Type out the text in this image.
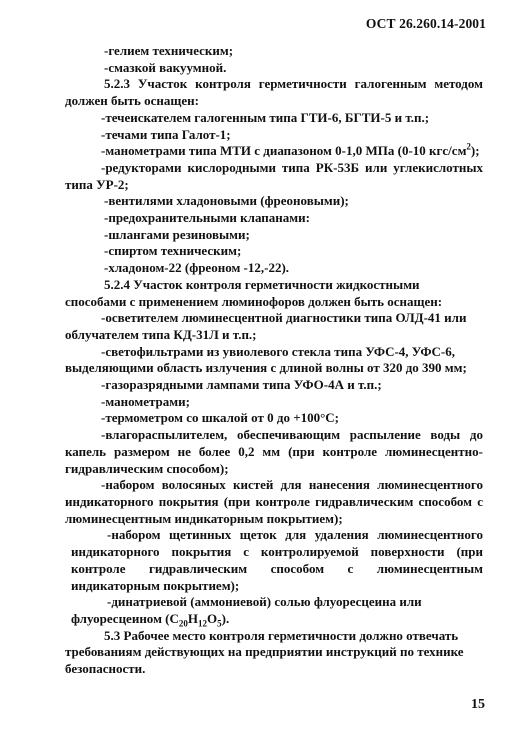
ОСТ 26.260.14-2001

-гелием техническим;

-смазкой вакуумной.

5.2.3 Участок контроля герметичности галогенным методом должен быть оснащен:

-течеискателем галогенным типа ГТИ-6, БГТИ-5 и т.п.;

-течами типа Галот-1;

-манометрами типа МТИ с диапазоном 0-1,0 МПа (0-10 кгс/$см^2$);

-редукторами кислородными типа РК-53Б или углекислотных типа УР-2;

-вентилями хладоновыми (фреоновыми);

-предохранительными клапанами:

-шлангами резиновыми;

-спиртом техническим;

-хладоном-22 (фреоном -12,-22).

5.2.4 Участок контроля герметичности жидкостными способами с применением люминофоров должен быть оснащен:

-осветителем люминесцентной диагностики типа ОЛД-41 или облучателем типа КД-31Л и т.п.;

-светофильтрами из увиолевого стекла типа УФС-4, УФС-6, выделяющими область излучения с длиной волны от 320 до 390 мм;

-газоразрядными лампами типа УФО-4А и т.п.;

-манометрами;

-термометром со шкалой от 0 до +100°С;

-влагораспылителем, обеспечивающим распыление воды до капель размером не более 0,2 мм (при контроле люминесцентно-гидравлическим способом);

-набором волосяных кистей для нанесения люминесцентного индикаторного покрытия (при контроле гидравлическим способом с люминесцентным индикаторным покрытием);

-набором щетинных щеток для удаления люминесцентного индикаторного покрытия с контролируемой поверхности (при контроле гидравлическим способом с люминесцентным индикаторным покрытием);

-динатриевой (аммониевой) солью флуоресцеина или флуоресцеином $(С_{20}Н_{12}О_5)$.

5.3 Рабочее место контроля герметичности должно отвечать требованиям действующих на предприятии инструкций по технике безопасности.

15
